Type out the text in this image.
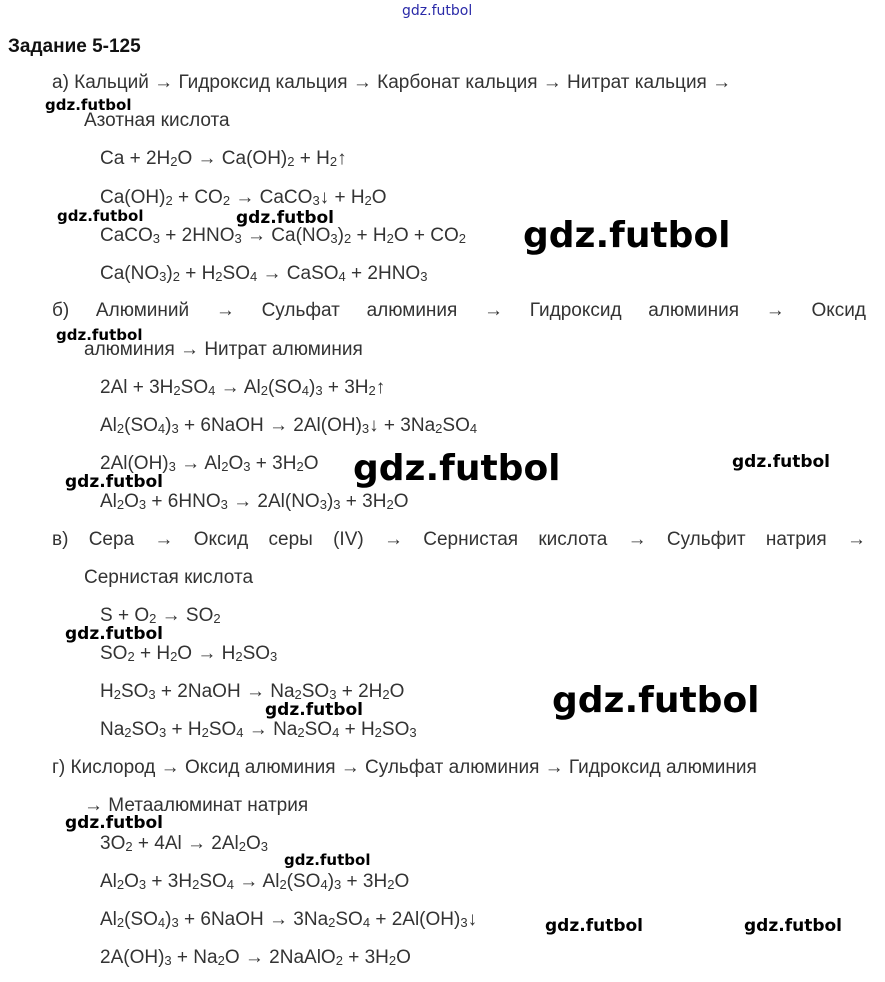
gdz.futbol
Задание 5-125
а) Кальций → Гидроксид кальция → Карбонат кальция → Нитрат кальция →
Азотная кислота
$Ca + 2H_2O \to Ca(OH)_2$ + $H_2↑$
$Ca(OH)_2 + CO_2$ → CaCO$_3$↓ + $H_2O$
CaCO$_3$ + $2HNO_3 \to Ca(NO_3)_2 + H_2O + CO_2$
$Ca(NO_3)_2 + H_2SO_4$ → CaSO$_4$ + $2HNO_3$
б) Алюминий → Сульфат алюминия → Гидроксид алюминия → Оксид
алюминия → Нитрат алюминия
$2Al + 3H_2SO_4 \to Al_2(SO_4)_3$ + $3H_2↑$
$Al_2(SO_4)_3$ + 6NaOH → $2Al(OH)_3↓ + 3Na_2SO_4$
$2Al(OH)_3 \to Al_2O_3 + 3H_2O$
$Al_2O_3 + 6HNO_3 \to 2Al(NO_3)_3 + 3H_2O$
в) Сера → Оксид серы (IV) → Сернистая кислота → Сульфит натрия →
Сернистая кислота
$S + O_2 \to SO_2$
$SO_2 + H_2O \to H_2SO_3$
$H_2SO_3$ + 2NaOH → $Na_2SO_3 + 2H_2O$
$Na_2SO_3 + H_2SO_4 \to Na_2SO_4 + H_2SO_3$
г) Кислород → Оксид алюминия → Сульфат алюминия → Гидроксид алюминия
→ Метаалюминат натрия
$3O_2 + 4Al \to 2Al_2O_3$
$Al_2O_3 + 3H_2SO_4 \to Al_2(SO_4)_3 + 3H_2O$
$Al_2(SO_4)_3$ + 6NaOH → $3Na_2SO_4$ + $2Al(OH)_3↓$
$2A(OH)_3 + Na_2O$ → 2NaAlO$_2$ + $3H_2O$
gdz.futbol
gdz.futbol	gdz.futbol	gdz.futbol
gdz.futbol
gdz.futbol	gdz.futbol
gdz.futbol
gdz.futbol
gdz.futbol
gdz.futbol
gdz.futbol
gdz.futbol
gdz.futbol	gdz.futbol
